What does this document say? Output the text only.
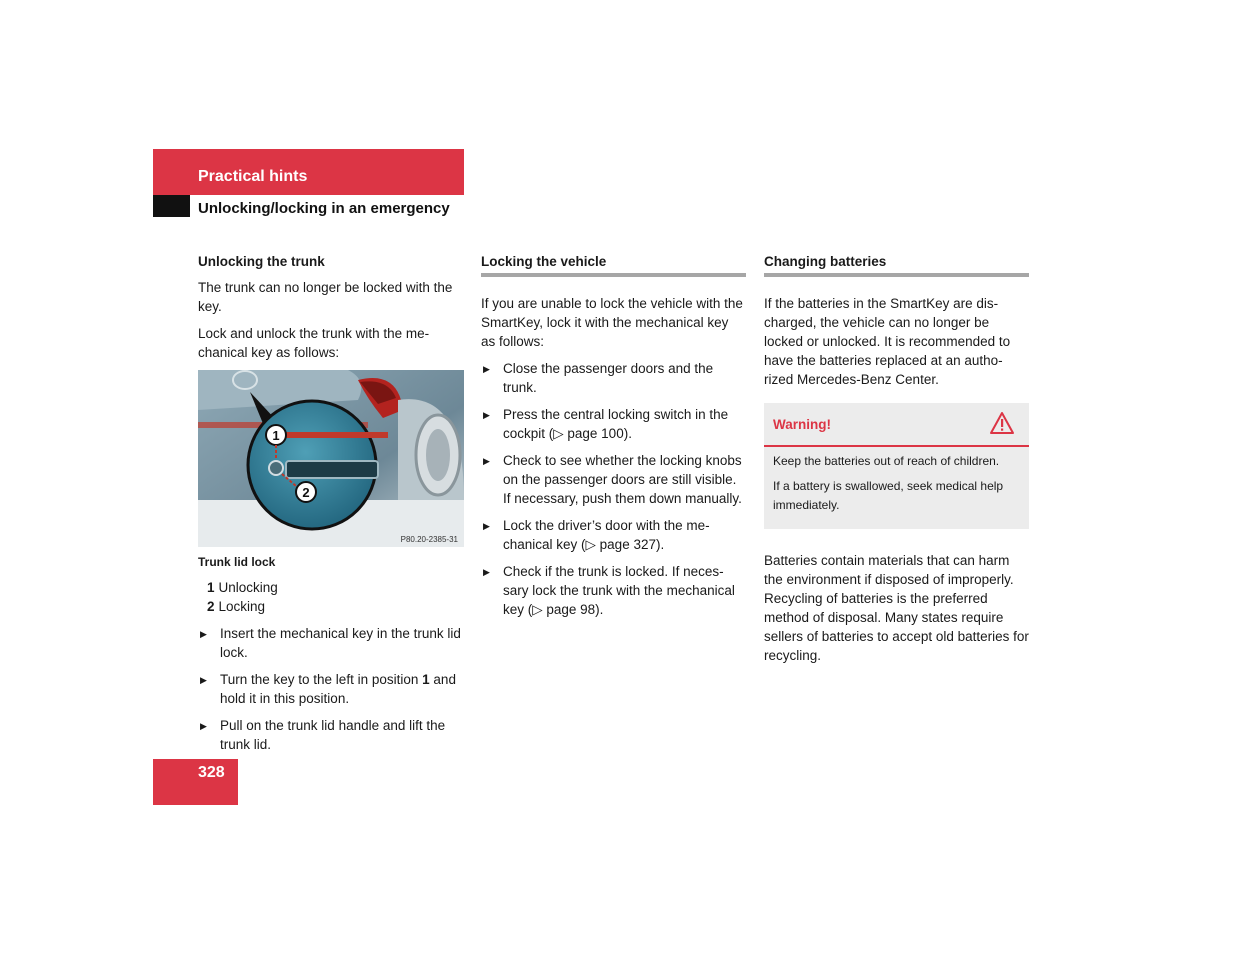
Practical hints
Unlocking/locking in an emergency
Unlocking the trunk

The trunk can no longer be locked with the key.

Lock and unlock the trunk with the me-chanical key as follows:

1
2
P80.20-2385-31
Trunk lid lock

1 Unlocking

2 Locking

▶ Insert the mechanical key in the trunk lid lock.
▶ Turn the key to the left in position 1 and hold it in this position.
▶ Pull on the trunk lid handle and lift the trunk lid.
Locking the vehicle

If you are unable to lock the vehicle with the SmartKey, lock it with the mechanical key as follows:

▶ Close the passenger doors and the trunk.
▶ Press the central locking switch in the cockpit (▷ page 100).
▶ Check to see whether the locking knobs on the passenger doors are still visible. If necessary, push them down manually.
▶ Lock the driver’s door with the me-chanical key (▷ page 327).
▶ Check if the trunk is locked. If neces-sary lock the trunk with the mechanical key (▷ page 98).
Changing batteries

If the batteries in the SmartKey are dis-charged, the vehicle can no longer be locked or unlocked. It is recommended to have the batteries replaced at an autho-rized Mercedes-Benz Center.

Warning!

Keep the batteries out of reach of children.

If a battery is swallowed, seek medical help immediately.

Batteries contain materials that can harm the environment if disposed of improperly. Recycling of batteries is the preferred method of disposal. Many states require sellers of batteries to accept old batteries for recycling.

328
